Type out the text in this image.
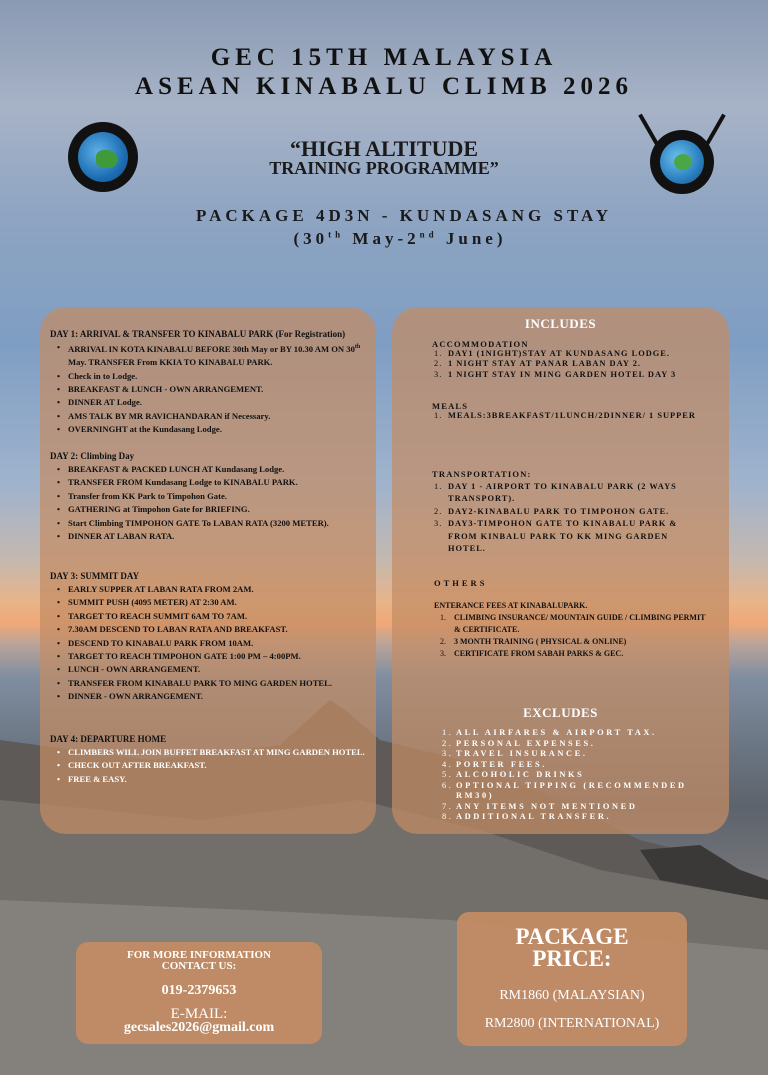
GEC 15TH MALAYSIA
ASEAN KINABALU CLIMB 2026
“HIGH ALTITUDE
TRAINING PROGRAMME”
PACKAGE 4D3N - KUNDASANG STAY
(30th May-2nd June)
DAY 1: ARRIVAL & TRANSFER TO KINABALU PARK (For Registration)
• ARRIVAL IN KOTA KINABALU BEFORE 30th May or BY 10.30 AM ON 30th May. TRANSFER From KKIA TO KINABALU PARK.
• Check in to Lodge.
• BREAKFAST & LUNCH - OWN ARRANGEMENT.
• DINNER AT Lodge.
• AMS TALK BY MR RAVICHANDARAN if Necessary.
• OVERNINGHT at the Kundasang Lodge.
DAY 2: Climbing Day
• BREAKFAST & PACKED LUNCH AT Kundasang Lodge.
• TRANSFER FROM Kundasang Lodge to KINABALU PARK.
• Transfer from KK Park to Timpohon Gate.
• GATHERING at Timpohon Gate for BRIEFING.
• Start Climbing TIMPOHON GATE To LABAN RATA (3200 METER).
• DINNER AT LABAN RATA.
DAY 3: SUMMIT DAY
• EARLY SUPPER AT LABAN RATA FROM 2AM.
• SUMMIT PUSH (4095 METER) AT 2:30 AM.
• TARGET TO REACH SUMMIT 6AM TO 7AM.
• 7.30AM DESCEND TO LABAN RATA AND BREAKFAST.
• DESCEND TO KINABALU PARK FROM 10AM.
• TARGET TO REACH TIMPOHON GATE 1:00 PM – 4:00PM.
• LUNCH - OWN ARRANGEMENT.
• TRANSFER FROM KINABALU PARK TO MING GARDEN HOTEL.
• DINNER - OWN ARRANGEMENT.
DAY 4: DEPARTURE HOME
• CLIMBERS WILL JOIN BUFFET BREAKFAST AT MING GARDEN HOTEL.
• CHECK OUT AFTER BREAKFAST.
• FREE & EASY.
INCLUDES
ACCOMMODATION
1. DAY1 (1NIGHT)STAY AT KUNDASANG LODGE.
2. 1 NIGHT STAY AT PANAR LABAN DAY 2.
3. 1 NIGHT STAY IN MING GARDEN HOTEL DAY 3
MEALS
1. MEALS:3BREAKFAST/1LUNCH/2DINNER/ 1 SUPPER
TRANSPORTATION:
1. DAY 1 - AIRPORT TO KINABALU PARK (2 WAYS TRANSPORT).
2. DAY2-KINABALU PARK TO TIMPOHON GATE.
3. DAY3-TIMPOHON GATE TO KINABALU PARK & FROM KINBALU PARK TO KK MING GARDEN HOTEL.
OTHERS
ENTERANCE FEES AT KINABALUPARK.
1. CLIMBING INSURANCE/ MOUNTAIN GUIDE / CLIMBING PERMIT & CERTIFICATE.
2. 3 MONTH TRAINING ( PHYSICAL & ONLINE)
3. CERTIFICATE FROM SABAH PARKS & GEC.
EXCLUDES
1. ALL AIRFARES & AIRPORT TAX.
2. PERSONAL EXPENSES.
3. TRAVEL INSURANCE.
4. PORTER FEES.
5. ALCOHOLIC DRINKS
6. OPTIONAL TIPPING (RECOMMENDED RM30)
7. ANY ITEMS NOT MENTIONED
8. ADDITIONAL TRANSFER.
FOR MORE INFORMATION
CONTACT US:
019-2379653
E-MAIL:
gecsales2026@gmail.com
PACKAGE
PRICE:
RM1860 (MALAYSIAN)
RM2800 (INTERNATIONAL)
